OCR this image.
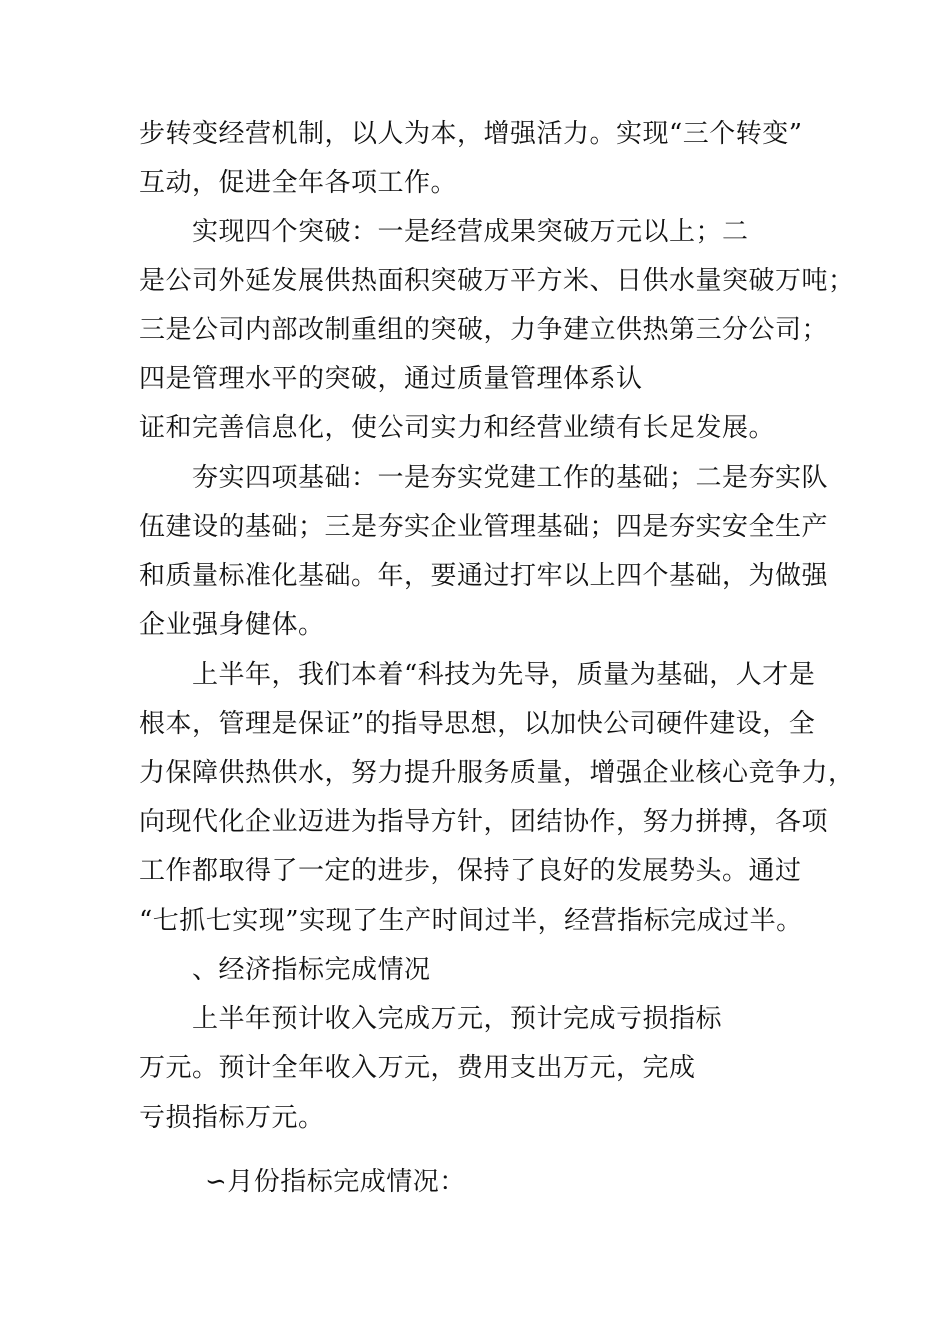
步转变经营机制，以人为本，增强活力。实现“三个转变”
互动，促进全年各项工作。
实现四个突破：一是经营成果突破万元以上；二
是公司外延发展供热面积突破万平方米、日供水量突破万吨；
三是公司内部改制重组的突破，力争建立供热第三分公司；
四是管理水平的突破，通过质量管理体系认
证和完善信息化，使公司实力和经营业绩有长足发展。
夯实四项基础：一是夯实党建工作的基础；二是夯实队
伍建设的基础；三是夯实企业管理基础；四是夯实安全生产
和质量标准化基础。年，要通过打牢以上四个基础，为做强
企业强身健体。
上半年，我们本着“科技为先导，质量为基础，人才是
根本，管理是保证”的指导思想，以加快公司硬件建设，全
力保障供热供水，努力提升服务质量，增强企业核心竞争力，
向现代化企业迈进为指导方针，团结协作，努力拼搏，各项
工作都取得了一定的进步，保持了良好的发展势头。通过
“七抓七实现”实现了生产时间过半，经营指标完成过半。
、经济指标完成情况
上半年预计收入完成万元，预计完成亏损指标
万元。预计全年收入万元，费用支出万元，完成
亏损指标万元。
∽月份指标完成情况：
